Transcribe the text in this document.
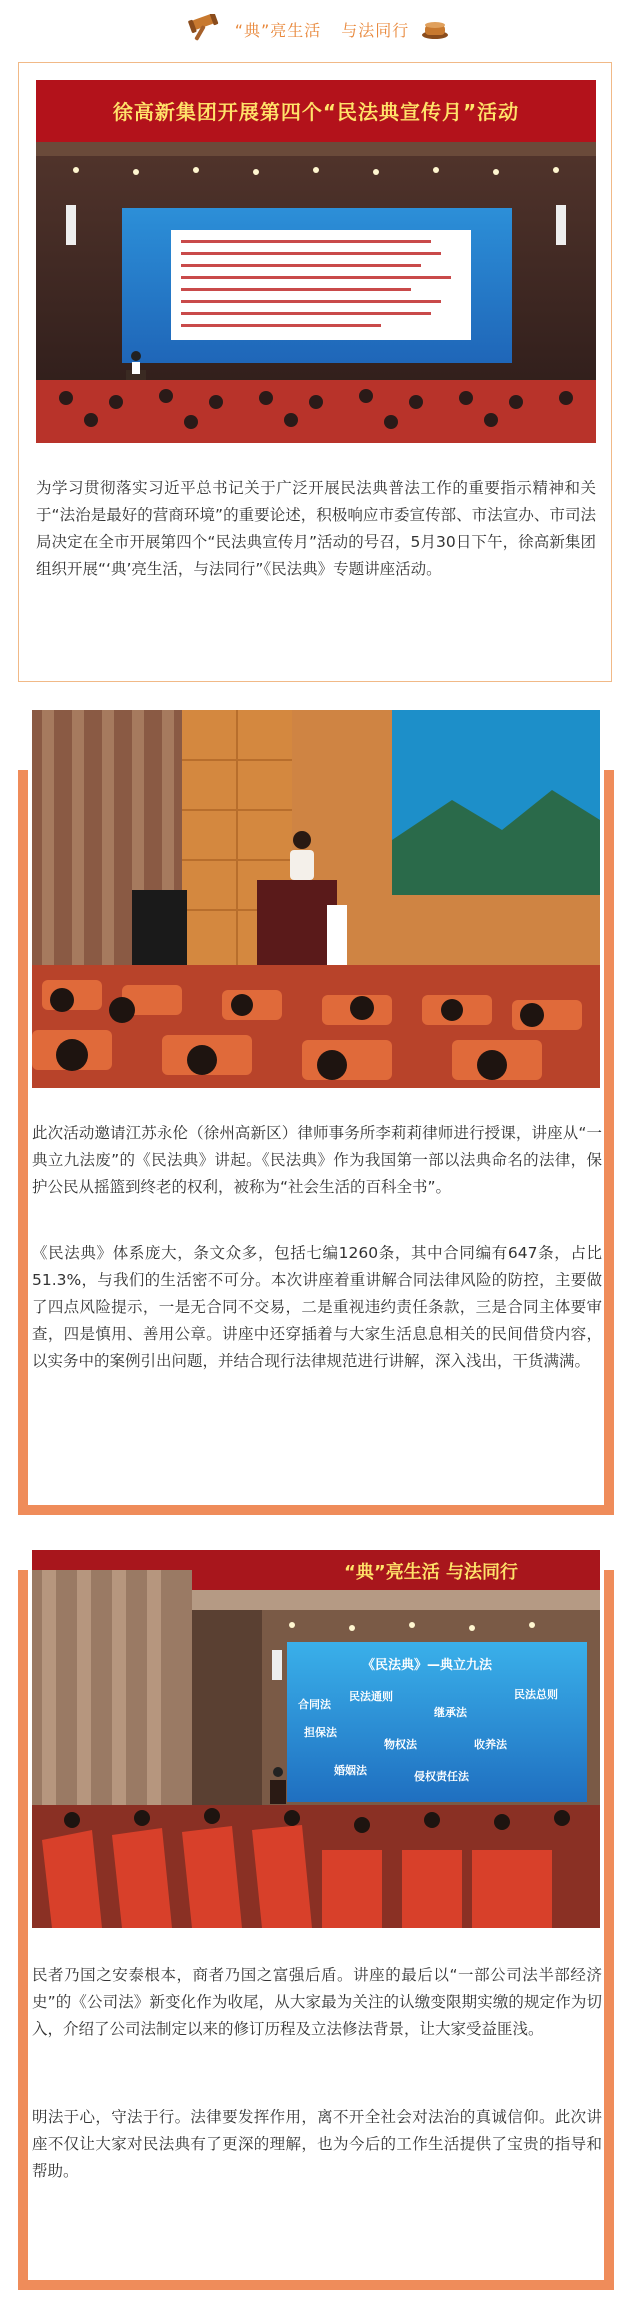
“典”亮生活 与法同行
徐高新集团开展第四个“民法典宣传月”活动

为学习贯彻落实习近平总书记关于广泛开展民法典普法工作的重要指示精神和关于“法治是最好的营商环境”的重要论述，积极响应市委宣传部、市法宣办、市司法局决定在全市开展第四个“民法典宣传月”活动的号召，5月30日下午，徐高新集团组织开展“‘典’亮生活，与法同行”《民法典》专题讲座活动。

此次活动邀请江苏永伦（徐州高新区）律师事务所李莉莉律师进行授课，讲座从“一典立九法废”的《民法典》讲起。《民法典》作为我国第一部以法典命名的法律，保护公民从摇篮到终老的权利，被称为“社会生活的百科全书”。

《民法典》体系庞大，条文众多，包括七编1260条，其中合同编有647条，占比51.3%，与我们的生活密不可分。本次讲座着重讲解合同法律风险的防控，主要做了四点风险提示，一是无合同不交易，二是重视违约责任条款，三是合同主体要审查，四是慎用、善用公章。讲座中还穿插着与大家生活息息相关的民间借贷内容，以实务中的案例引出问题，并结合现行法律规范进行讲解，深入浅出，干货满满。

“典”亮生活 与法同行
《民法典》—典立九法
合同法
民法通则
继承法
民法总则
担保法
物权法	收养法
婚姻法	侵权责任法

民者乃国之安泰根本，商者乃国之富强后盾。讲座的最后以“一部公司法半部经济史”的《公司法》新变化作为收尾，从大家最为关注的认缴变限期实缴的规定作为切入，介绍了公司法制定以来的修订历程及立法修法背景，让大家受益匪浅。

明法于心，守法于行。法律要发挥作用，离不开全社会对法治的真诚信仰。此次讲座不仅让大家对民法典有了更深的理解，也为今后的工作生活提供了宝贵的指导和帮助。
